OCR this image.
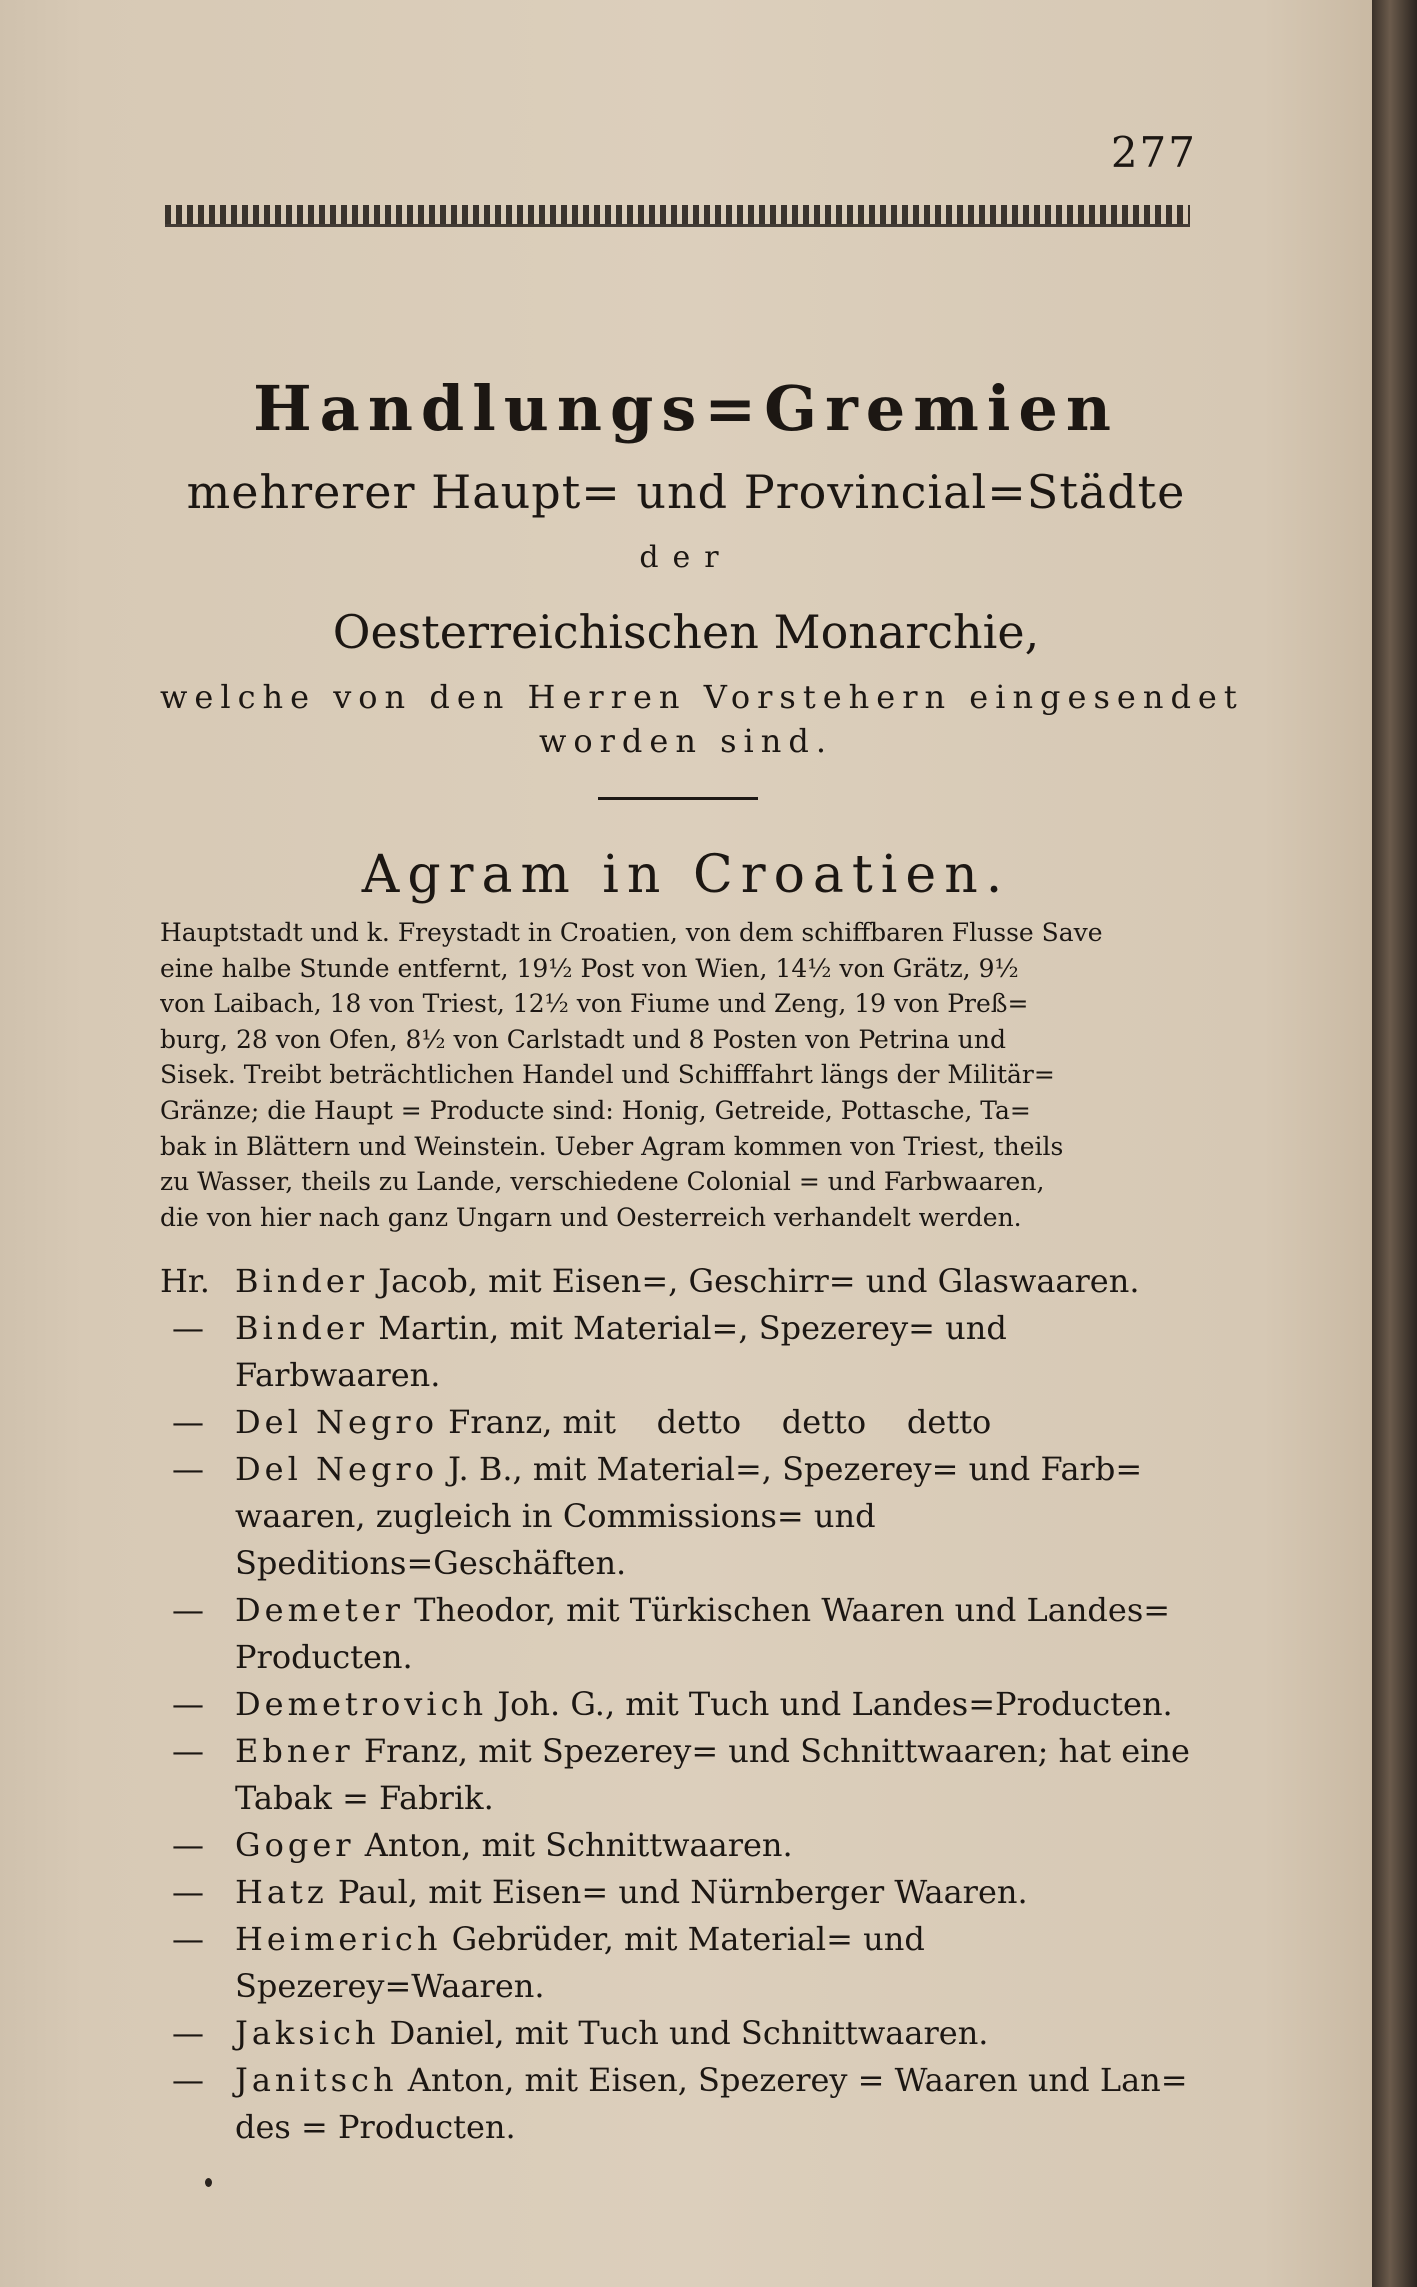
277
Handlungs=Gremien
mehrerer Haupt= und Provincial=Städte
der
Oesterreichischen Monarchie,
welche von den Herren Vorstehern eingesendet
worden sind.
Agram in Croatien.
Hauptstadt und k. Freystadt in Croatien, von dem schiffbaren Flusse Save
eine halbe Stunde entfernt, 19½ Post von Wien, 14½ von Grätz, 9½
von Laibach, 18 von Triest, 12½ von Fiume und Zeng, 19 von Preß=
burg, 28 von Ofen, 8½ von Carlstadt und 8 Posten von Petrina und
Sisek. Treibt beträchtlichen Handel und Schifffahrt längs der Militär=
Gränze; die Haupt = Producte sind: Honig, Getreide, Pottasche, Ta=
bak in Blättern und Weinstein. Ueber Agram kommen von Triest, theils
zu Wasser, theils zu Lande, verschiedene Colonial = und Farbwaaren,
die von hier nach ganz Ungarn und Oesterreich verhandelt werden.
Hr. Binder Jacob, mit Eisen=, Geschirr= und Glaswaaren.
— Binder Martin, mit Material=, Spezerey= und Farbwaaren.
— Del Negro Franz, mit    detto    detto    detto
— Del Negro J. B., mit Material=, Spezerey= und Farb=
waaren, zugleich in Commissions= und Speditions=Geschäften.
— Demeter Theodor, mit Türkischen Waaren und Landes=
Producten.
— Demetrovich Joh. G., mit Tuch und Landes=Producten.
— Ebner Franz, mit Spezerey= und Schnittwaaren; hat eine
Tabak = Fabrik.
— Goger Anton, mit Schnittwaaren.
— Hatz Paul, mit Eisen= und Nürnberger Waaren.
— Heimerich Gebrüder, mit Material= und Spezerey=Waaren.
— Jaksich Daniel, mit Tuch und Schnittwaaren.
— Janitsch Anton, mit Eisen, Spezerey = Waaren und Lan=
des = Producten.
